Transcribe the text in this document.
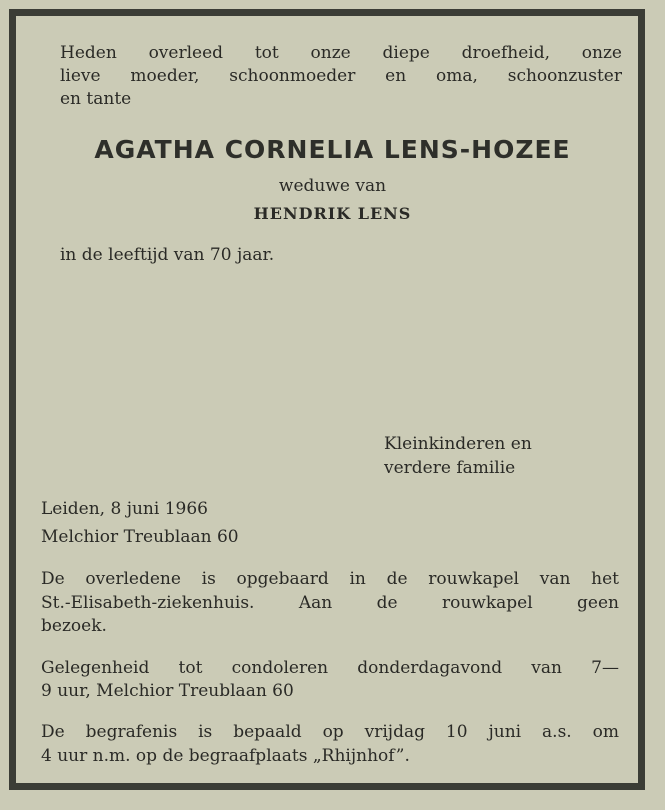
Heden overleed tot onze diepe droefheid, onze

lieve moeder, schoonmoeder en oma, schoonzuster

en tante

AGATHA CORNELIA LENS-HOZEE

weduwe van

HENDRIK LENS

in de leeftijd van 70 jaar.

Kleinkinderen en

verdere familie

Leiden, 8 juni 1966

Melchior Treublaan 60

De overledene is opgebaard in de rouwkapel van het

St.-Elisabeth-ziekenhuis. Aan de rouwkapel geen

bezoek.

Gelegenheid tot condoleren donderdagavond van 7—

9 uur, Melchior Treublaan 60

De begrafenis is bepaald op vrijdag 10 juni a.s. om

4 uur n.m. op de begraafplaats „Rhijnhof”.
